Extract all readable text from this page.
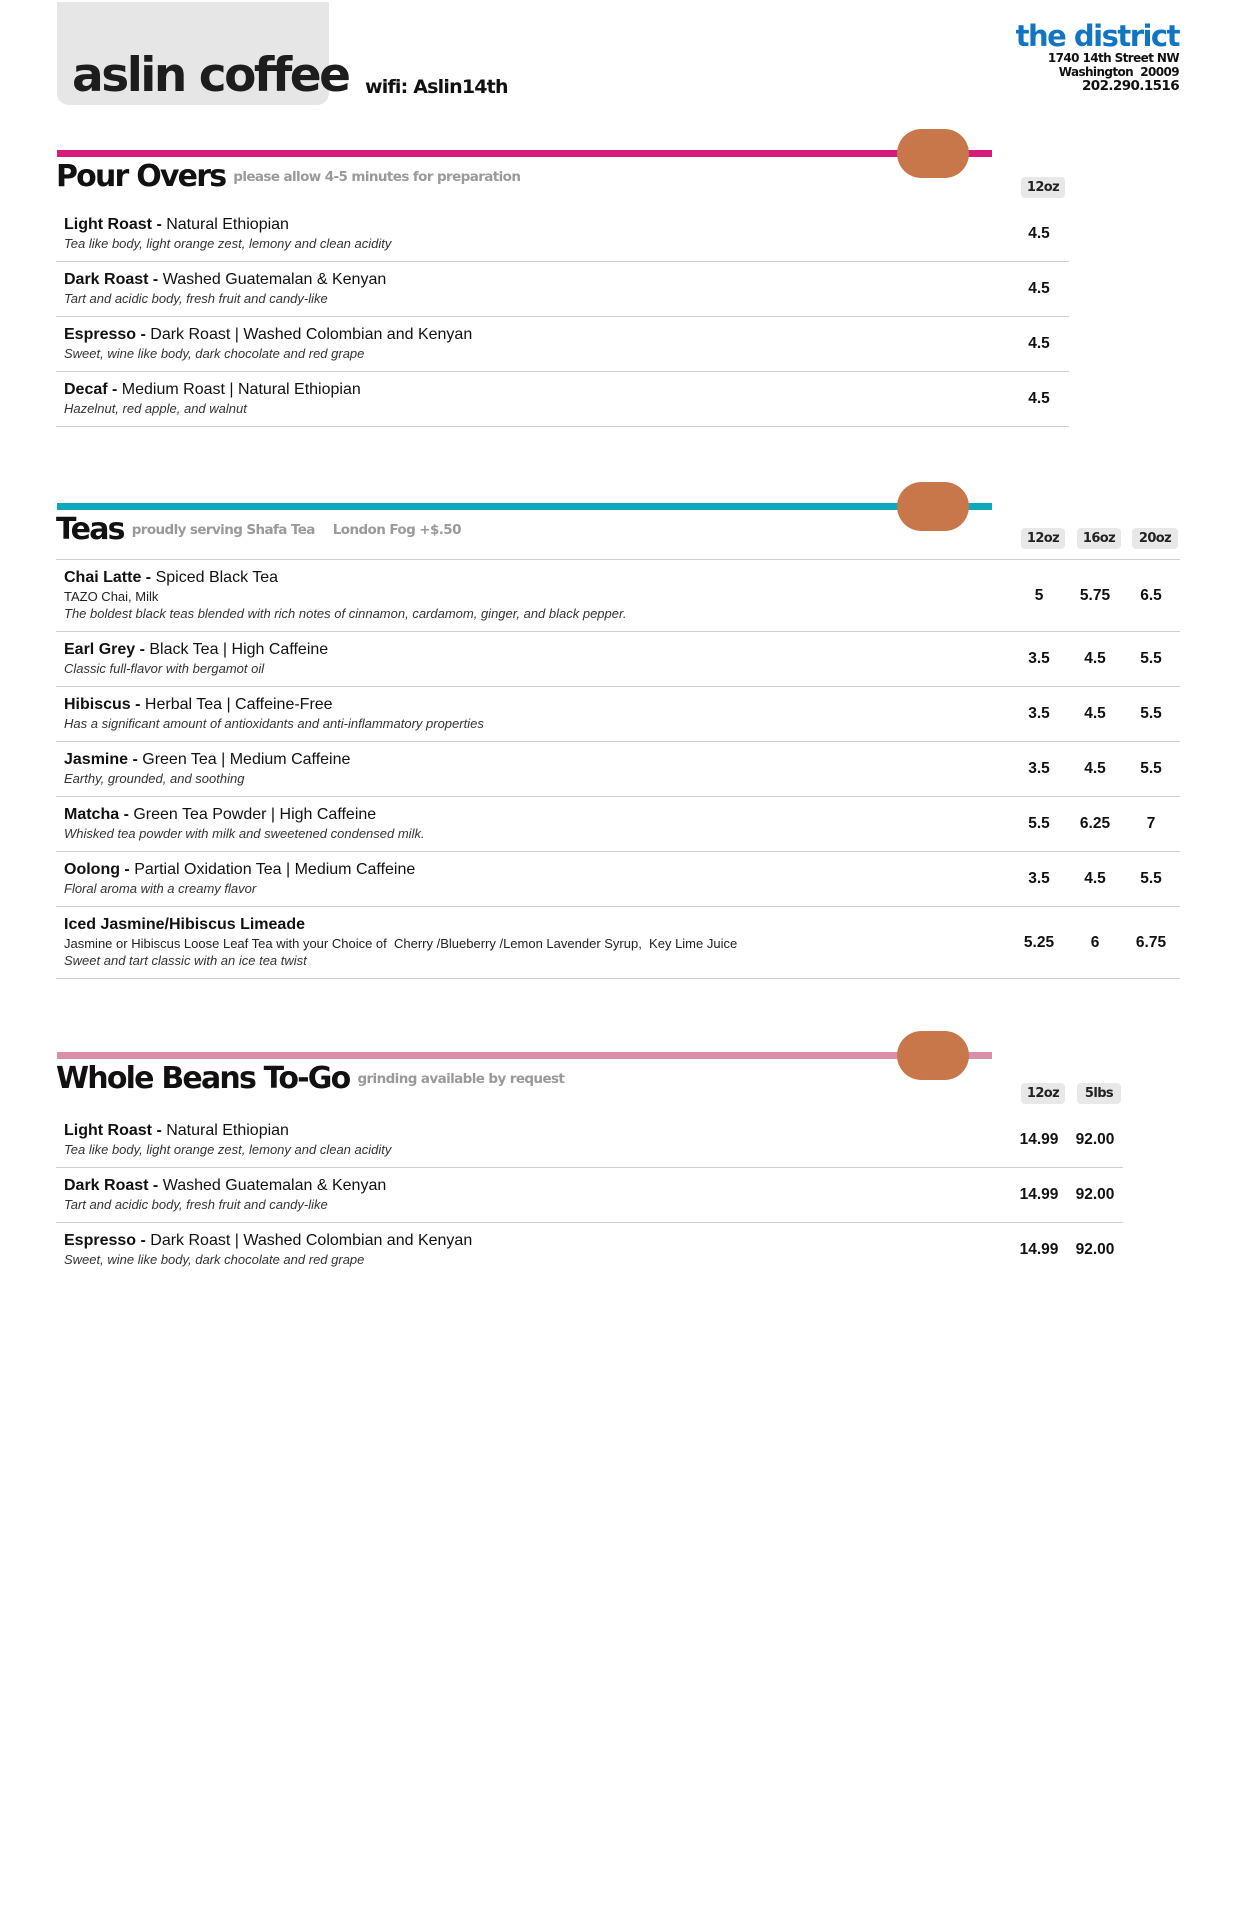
aslin coffee wifi: Aslin14th
the district
1740 14th Street NW
Washington  20009
202.290.1516
Pour Overs please allow 4-5 minutes for preparation
12oz
Light Roast - Natural Ethiopian
Tea like body, light orange zest, lemony and clean acidity
4.5
Dark Roast - Washed Guatemalan & Kenyan
Tart and acidic body, fresh fruit and candy-like
4.5
Espresso - Dark Roast | Washed Colombian and Kenyan
Sweet, wine like body, dark chocolate and red grape
4.5
Decaf - Medium Roast | Natural Ethiopian
Hazelnut, red apple, and walnut
4.5
Teas proudly serving Shafa Tea London Fog +$.50
12oz	16oz	20oz
Chai Latte - Spiced Black Tea
TAZO Chai, Milk
The boldest black teas blended with rich notes of cinnamon, cardamom, ginger, and black pepper.
5	5.75	6.5
Earl Grey - Black Tea | High Caffeine
Classic full-flavor with bergamot oil
3.5	4.5	5.5
Hibiscus - Herbal Tea | Caffeine-Free
Has a significant amount of antioxidants and anti-inflammatory properties
3.5	4.5	5.5
Jasmine - Green Tea | Medium Caffeine
Earthy, grounded, and soothing
3.5	4.5	5.5
Matcha - Green Tea Powder | High Caffeine
Whisked tea powder with milk and sweetened condensed milk.
5.5	6.25	7
Oolong - Partial Oxidation Tea | Medium Caffeine
Floral aroma with a creamy flavor
3.5	4.5	5.5
Iced Jasmine/Hibiscus Limeade
Jasmine or Hibiscus Loose Leaf Tea with your Choice of  Cherry /Blueberry /Lemon Lavender Syrup,  Key Lime Juice
Sweet and tart classic with an ice tea twist
5.25	6	6.75
Whole Beans To-Go grinding available by request
12oz	5lbs
Light Roast - Natural Ethiopian
Tea like body, light orange zest, lemony and clean acidity
14.99	92.00
Dark Roast - Washed Guatemalan & Kenyan
Tart and acidic body, fresh fruit and candy-like
14.99	92.00
Espresso - Dark Roast | Washed Colombian and Kenyan
Sweet, wine like body, dark chocolate and red grape
14.99	92.00
